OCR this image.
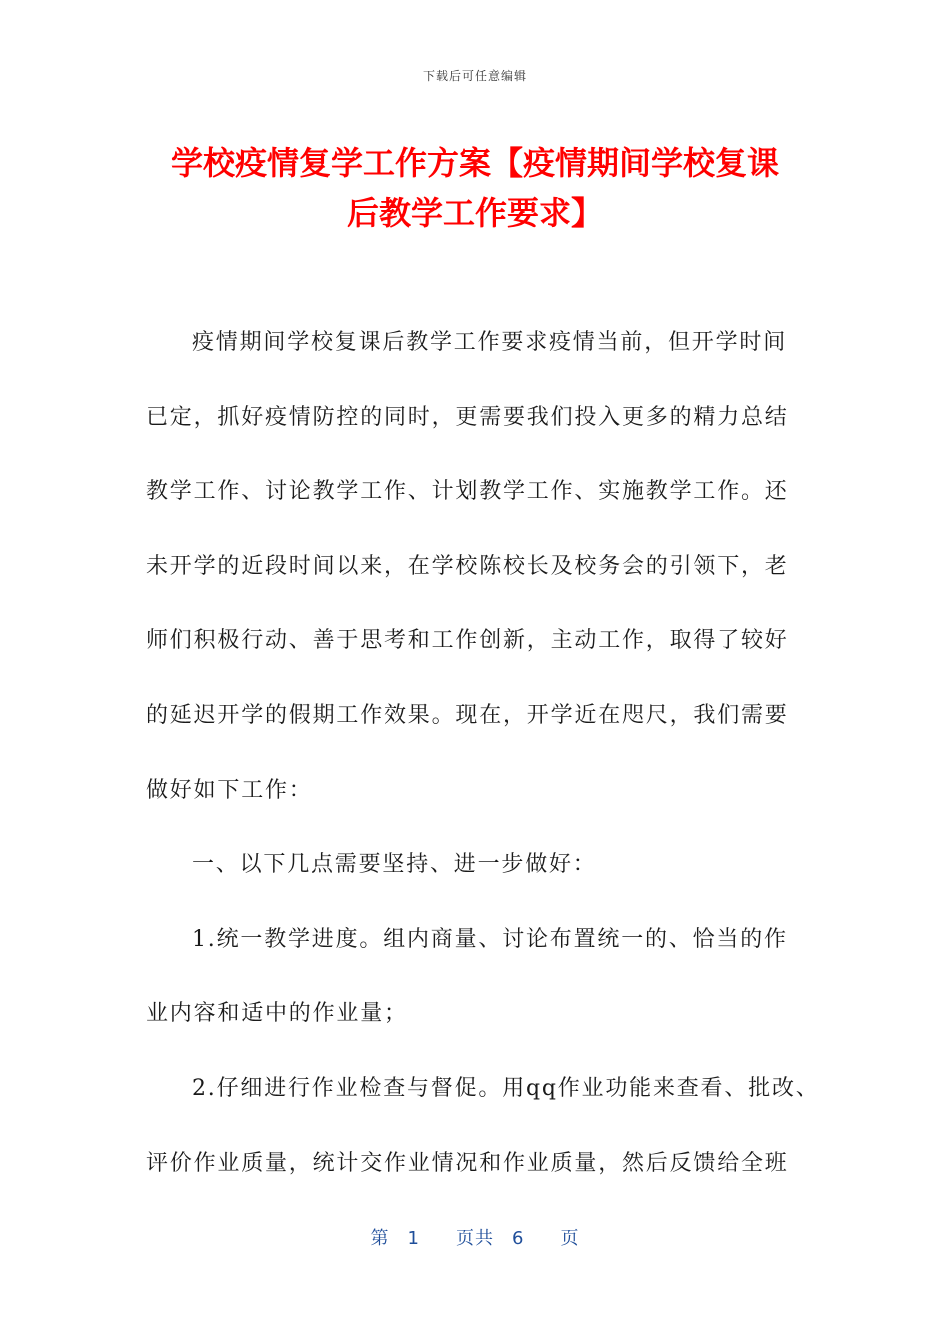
下载后可任意编辑
学校疫情复学工作方案【疫情期间学校复课
后教学工作要求】
疫情期间学校复课后教学工作要求疫情当前，但开学时间
已定，抓好疫情防控的同时，更需要我们投入更多的精力总结
教学工作、讨论教学工作、计划教学工作、实施教学工作。还
未开学的近段时间以来，在学校陈校长及校务会的引领下，老
师们积极行动、善于思考和工作创新，主动工作，取得了较好
的延迟开学的假期工作效果。现在，开学近在咫尺，我们需要
做好如下工作：
一、以下几点需要坚持、进一步做好：
1.统一教学进度。组内商量、讨论布置统一的、恰当的作
业内容和适中的作业量；
2.仔细进行作业检查与督促。用qq作业功能来查看、批改、
评价作业质量，统计交作业情况和作业质量，然后反馈给全班
第 1 页共 6 页
